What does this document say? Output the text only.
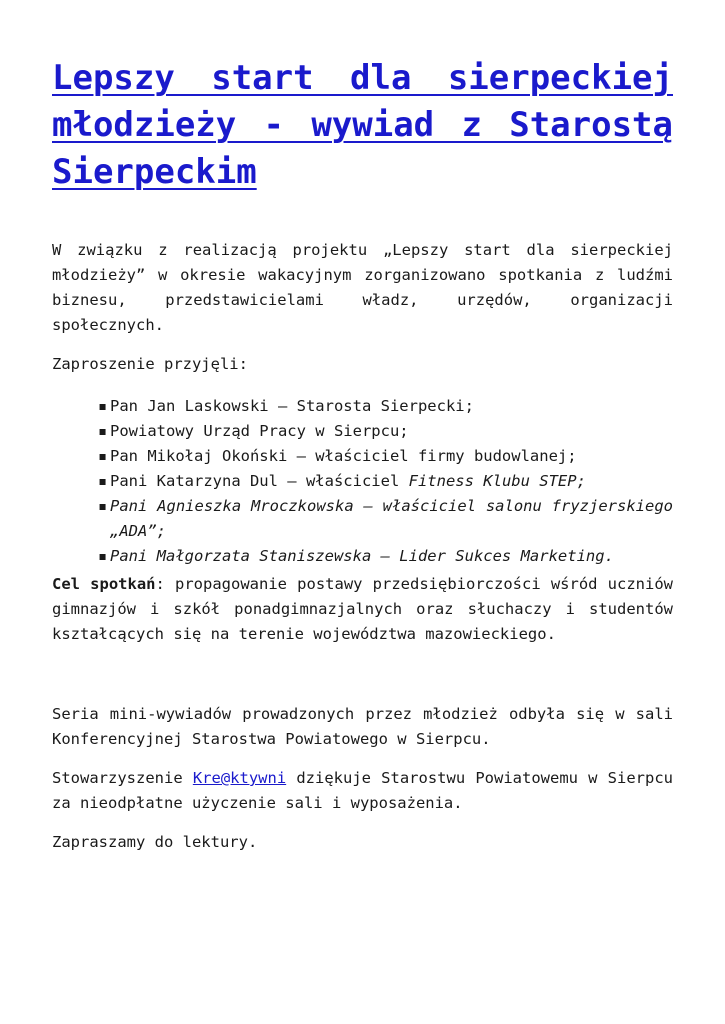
Lepszy start dla sierpeckiej młodzieży - wywiad z Starostą Sierpeckim

W związku z realizacją projektu „Lepszy start dla sierpeckiej młodzieży” w okresie wakacyjnym zorganizowano spotkania z ludźmi biznesu, przedstawicielami władz, urzędów, organizacji społecznych.

Zaproszenie przyjęli:

▪ Pan Jan Laskowski – Starosta Sierpecki;
▪ Powiatowy Urząd Pracy w Sierpcu;
▪ Pan Mikołaj Okoński – właściciel firmy budowlanej;
▪ Pani Katarzyna Dul – właściciel Fitness Klubu STEP;
▪ Pani Agnieszka Mroczkowska – właściciel salonu fryzjerskiego „ADA”;
▪ Pani Małgorzata Staniszewska – Lider Sukces Marketing.

Cel spotkań: propagowanie postawy przedsiębiorczości wśród uczniów gimnazjów i szkół ponadgimnazjalnych oraz słuchaczy i studentów kształcących się na terenie województwa mazowieckiego.

Seria mini-wywiadów prowadzonych przez młodzież odbyła się w sali Konferencyjnej Starostwa Powiatowego w Sierpcu.

Stowarzyszenie Kre@ktywni dziękuje Starostwu Powiatowemu w Sierpcu za nieodpłatne użyczenie sali i wyposażenia.

Zapraszamy do lektury.
